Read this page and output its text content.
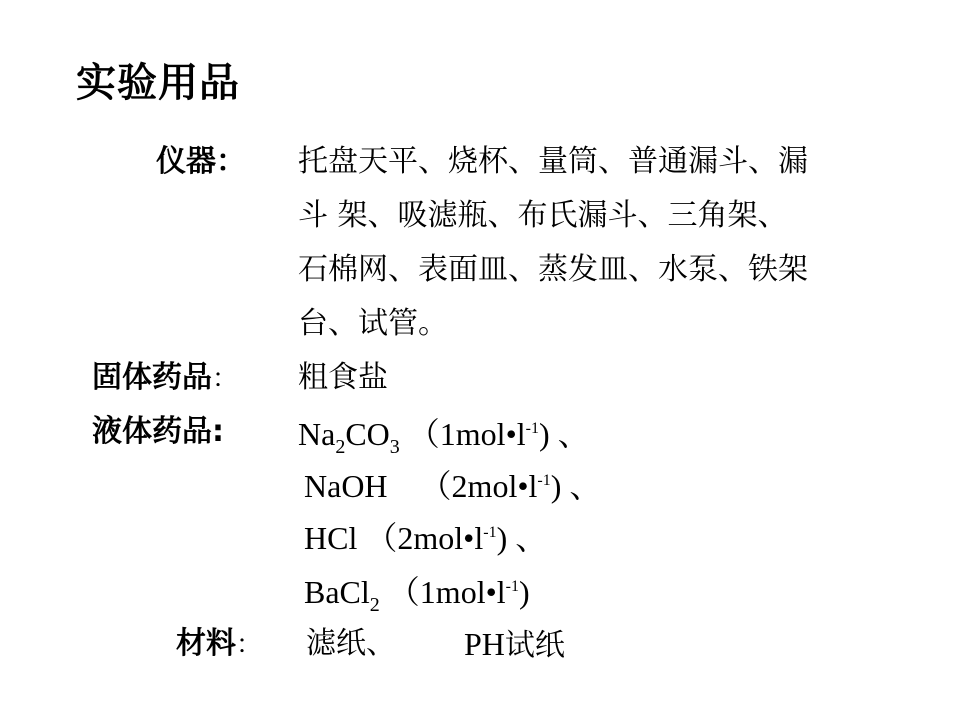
实验用品
仪器： 托盘天平、烧杯、量筒、普通漏斗、漏
斗 架、吸滤瓶、布氏漏斗、三角架、
石棉网、表面皿、蒸发皿、水泵、铁架
台、试管。
固体药品： 粗食盐
液体药品: $Na_2CO_3$ $(1mol•l^{-1})$ 、
NaOH    $(2mol•l^{-1})$ 、
HCl $(2mol•l^{-1})$ 、
BaCl$_2$ $(1mol•l^{-1})$
材料： 滤纸、 PH试纸
